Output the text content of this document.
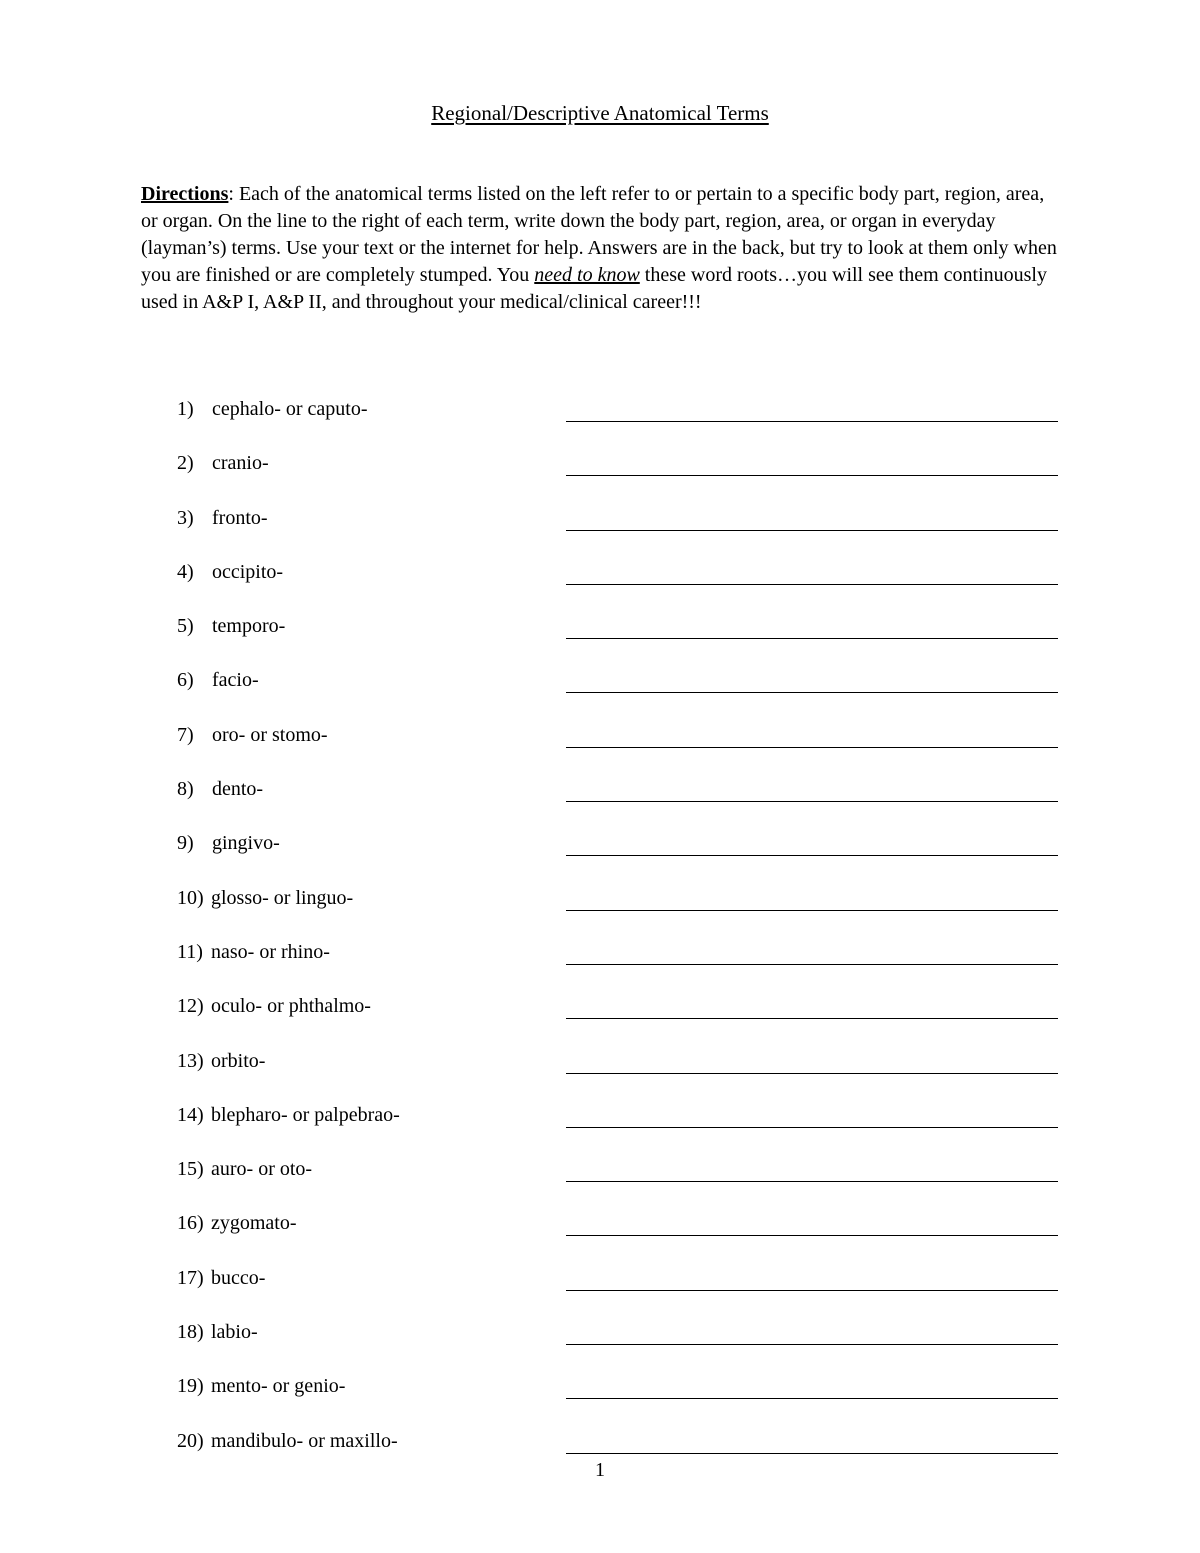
Regional/Descriptive Anatomical Terms
Directions: Each of the anatomical terms listed on the left refer to or pertain to a specific body part, region, area, or organ. On the line to the right of each term, write down the body part, region, area, or organ in everyday (layman’s) terms. Use your text or the internet for help. Answers are in the back, but try to look at them only when you are finished or are completely stumped. You need to know these word roots…you will see them continuously used in A&P I, A&P II, and throughout your medical/clinical career!!!
1) cephalo- or caputo-
2) cranio-
3) fronto-
4) occipito-
5) temporo-
6) facio-
7) oro- or stomo-
8) dento-
9) gingivo-
10) glosso- or linguo-
11) naso- or rhino-
12) oculo- or phthalmo-
13) orbito-
14) blepharo- or palpebrao-
15) auro- or oto-
16) zygomato-
17) bucco-
18) labio-
19) mento- or genio-
20) mandibulo- or maxillo-
1
